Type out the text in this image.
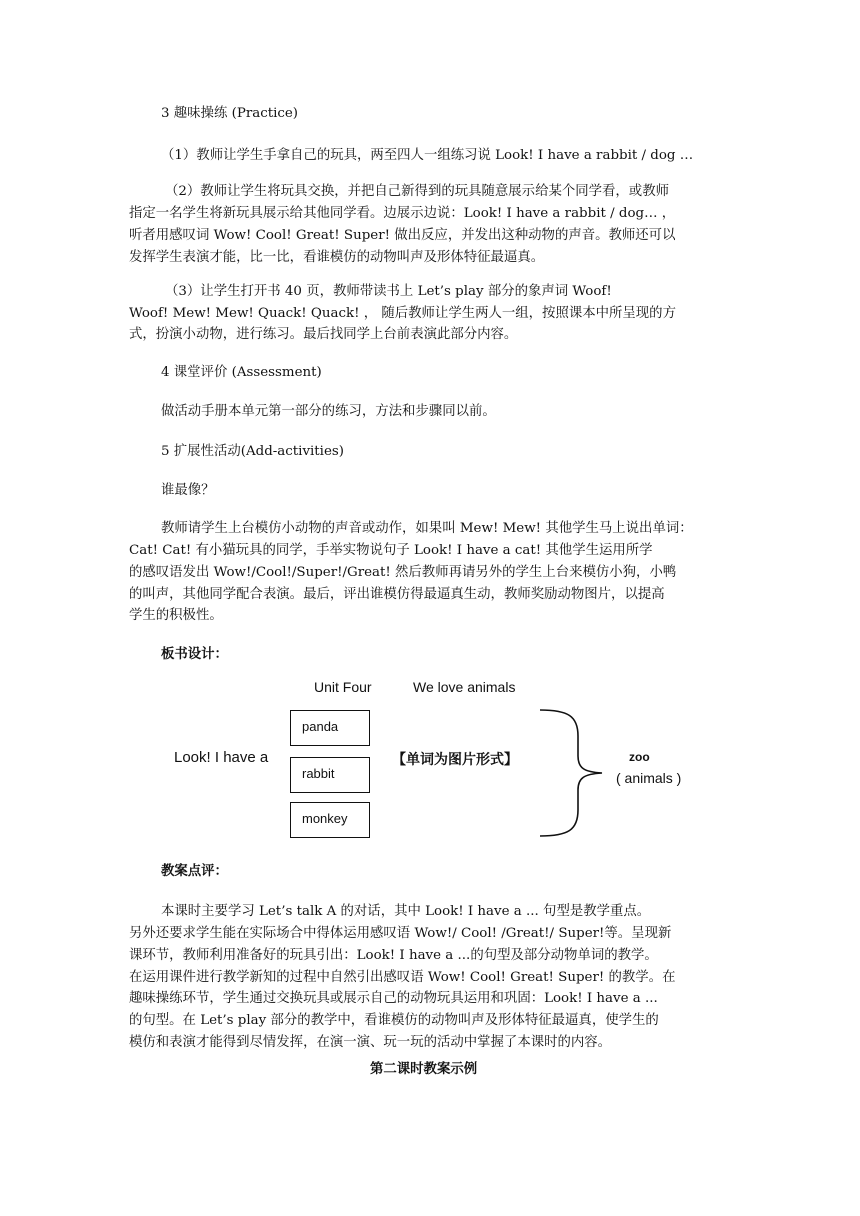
3 趣味操练 (Practice)
（1）教师让学生手拿自己的玩具，两至四人一组练习说 Look! I have a rabbit / dog …
（2）教师让学生将玩具交换，并把自己新得到的玩具随意展示给某个同学看，或教师
指定一名学生将新玩具展示给其他同学看。边展示边说：Look! I have a rabbit / dog… ，
听者用感叹词 Wow! Cool! Great! Super! 做出反应，并发出这种动物的声音。教师还可以
发挥学生表演才能，比一比，看谁模仿的动物叫声及形体特征最逼真。
（3）让学生打开书 40 页，教师带读书上 Let’s play 部分的象声词 Woof!
Woof! Mew! Mew! Quack! Quack! ， 随后教师让学生两人一组，按照课本中所呈现的方
式，扮演小动物，进行练习。最后找同学上台前表演此部分内容。
4 课堂评价 (Assessment)
做活动手册本单元第一部分的练习，方法和步骤同以前。
5 扩展性活动(Add-activities)
谁最像？
教师请学生上台模仿小动物的声音或动作，如果叫 Mew! Mew! 其他学生马上说出单词：
Cat! Cat! 有小猫玩具的同学，手举实物说句子 Look! I have a cat! 其他学生运用所学
的感叹语发出 Wow!/Cool!/Super!/Great! 然后教师再请另外的学生上台来模仿小狗，小鸭
的叫声，其他同学配合表演。最后，评出谁模仿得最逼真生动，教师奖励动物图片，以提高
学生的积极性。
板书设计：
Unit Four	We love animals
Look! I have a
panda
rabbit
monkey
【单词为图片形式】	zoo
( animals )
教案点评：
本课时主要学习 Let’s talk A 的对话，其中 Look! I have a ... 句型是教学重点。
另外还要求学生能在实际场合中得体运用感叹语 Wow!/ Cool! /Great!/ Super!等。呈现新
课环节，教师利用准备好的玩具引出：Look! I have a ...的句型及部分动物单词的教学。
在运用课件进行教学新知的过程中自然引出感叹语 Wow! Cool! Great! Super! 的教学。在
趣味操练环节，学生通过交换玩具或展示自己的动物玩具运用和巩固：Look! I have a ...
的句型。在 Let’s play 部分的教学中，看谁模仿的动物叫声及形体特征最逼真，使学生的
模仿和表演才能得到尽情发挥，在演一演、玩一玩的活动中掌握了本课时的内容。
第二课时教案示例
